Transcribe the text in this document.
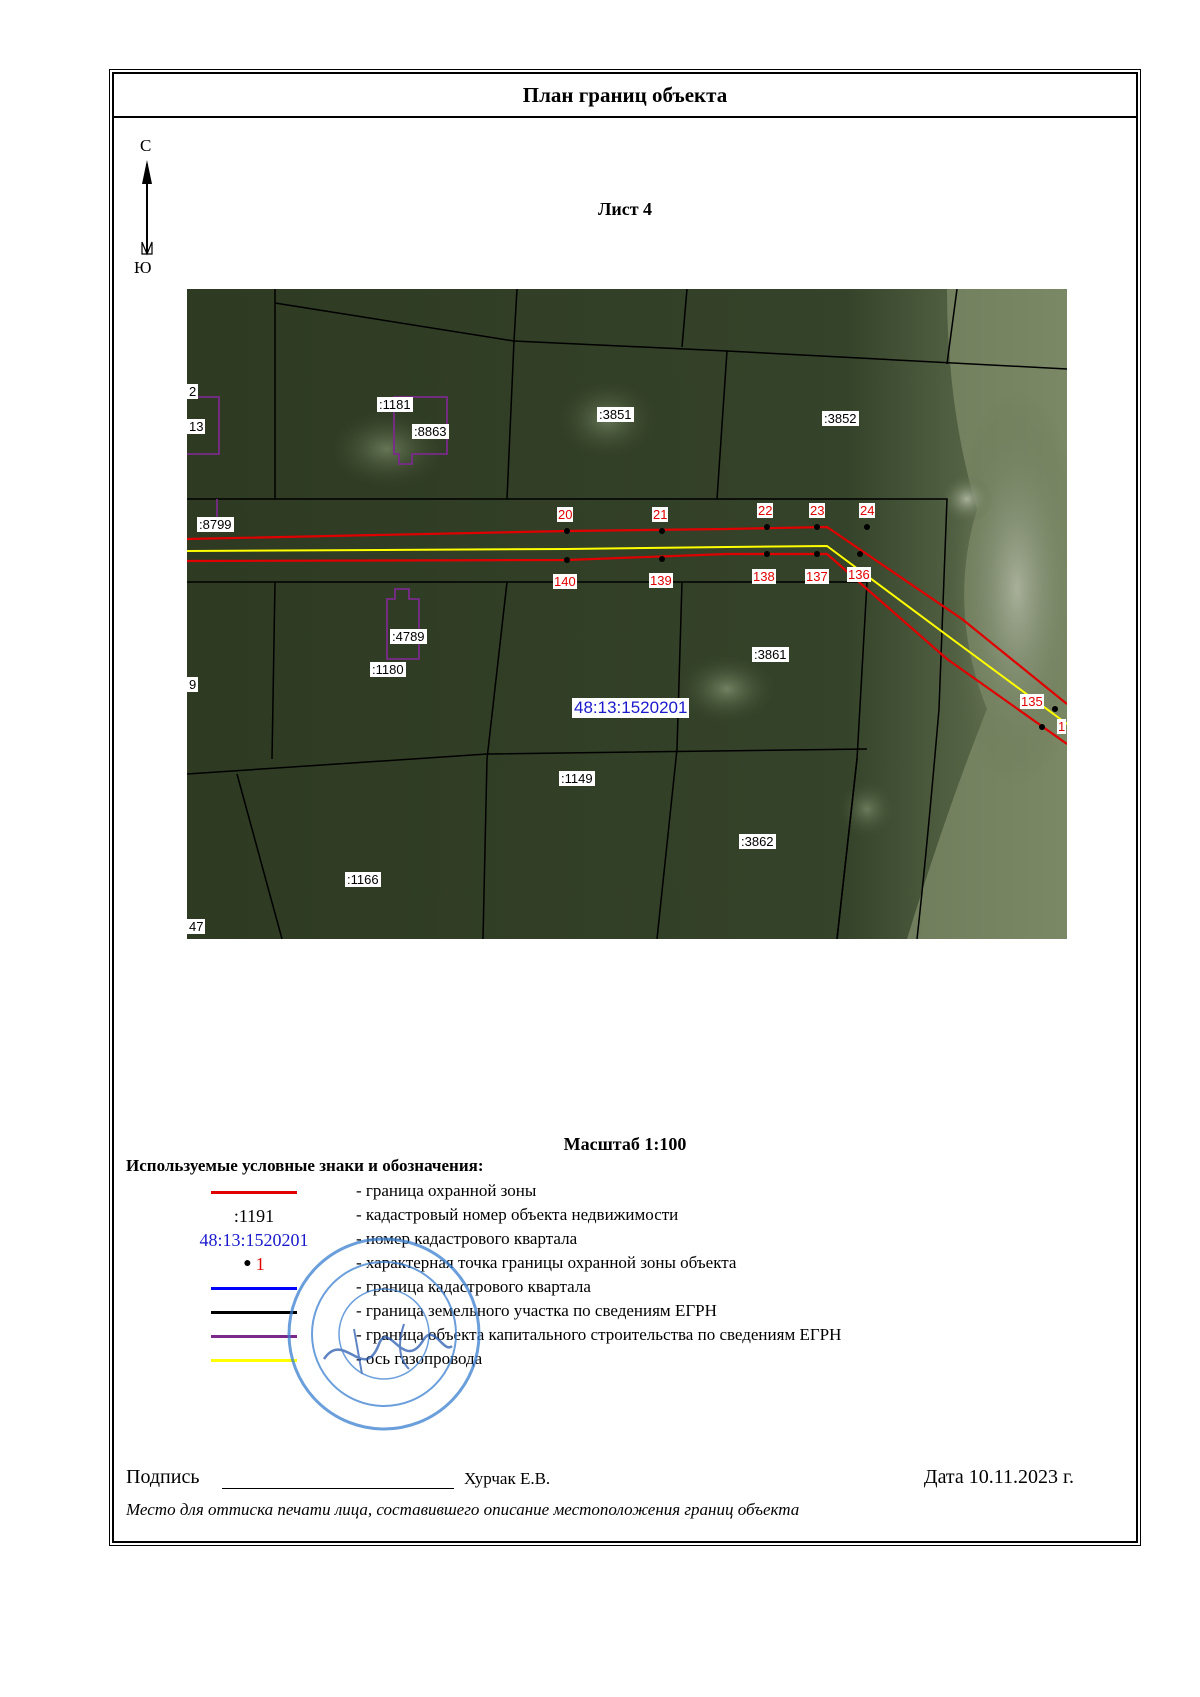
План границ объекта
С
Ю
Лист 4
:1181
:8863
:3851	:3852
:8799
:4789
:1180
:3861
:1149
:3862
:1166
2
13
9
47
48:13:1520201
20	21	22	23	24
140	139	138 137 136
135
1
Масштаб 1:100
Используемые условные знаки и обозначения:
- граница охранной зоны
:1191	- кадастровый номер объекта недвижимости
48:13:1520201	- номер кадастрового квартала
● 1	- характерная точка границы охранной зоны объекта
- граница кадастрового квартала
- граница земельного участка по сведениям ЕГРН
- граница объекта капитального строительства по сведениям ЕГРН
- ось газопровода
Подпись	Хурчак Е.В.	Дата 10.11.2023 г.
Место для оттиска печати лица, составившего описание местоположения границ объекта
